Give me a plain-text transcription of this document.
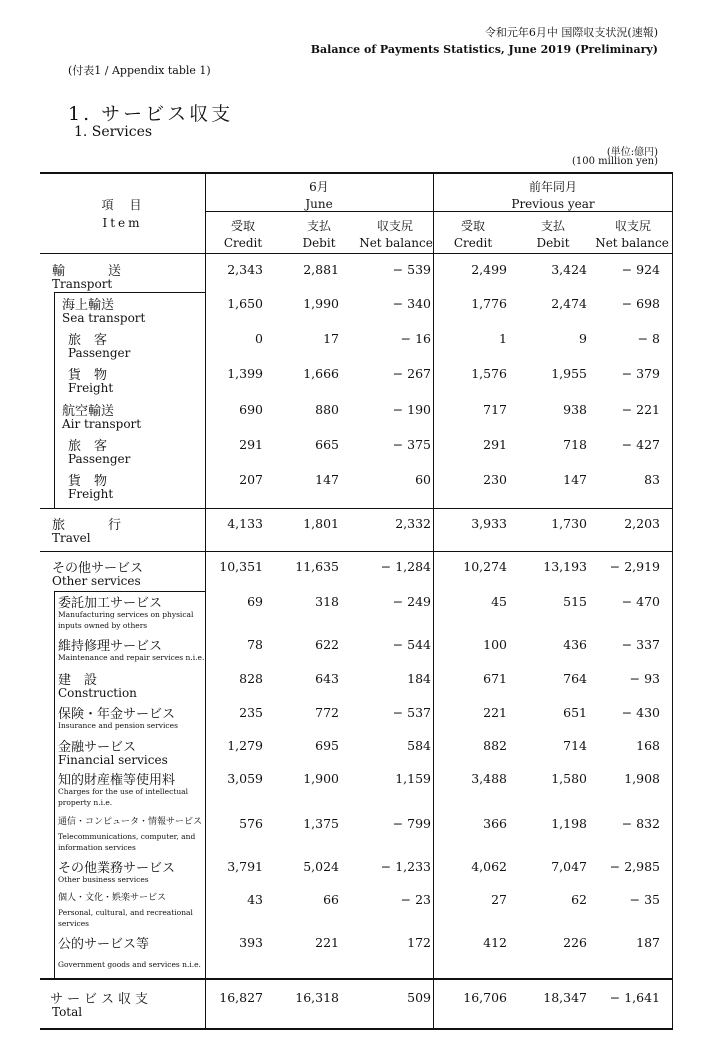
令和元年6月中 国際収支状況(速報)
Balance of Payments Statistics, June 2019 (Preliminary)
(付表1 / Appendix table 1)
1. サービス収支
1. Services
(単位:億円)
(100 million yen)
6月
June
前年同月
Previous year
項　目
Item	受取
Credit
支払
Debit
収支尻
Net balance
受取
Credit
支払
Debit
収支尻
Net balance
輸　　　送
Transport
2,343	2,881	− 539	2,499	3,424	− 924
海上輸送
Sea transport
1,650	1,990	− 340	1,776	2,474	− 698
旅　客
Passenger
0	17	− 16	1	9	− 8
貨　物
Freight
1,399	1,666	− 267	1,576	1,955	− 379
航空輸送
Air transport
690	880	− 190	717	938	− 221
旅　客
Passenger
291	665	− 375	291	718	− 427
貨　物
Freight
207	147	60	230	147	83
旅　　　行
Travel
4,133	1,801	2,332	3,933	1,730	2,203
その他サービス
Other services
10,351	11,635	− 1,284	10,274	13,193 − 2,919
委託加工サービス
Manufacturing services on physical inputs owned by others
69	318	− 249	45	515	− 470
維持修理サービス
Maintenance and repair services n.i.e.
78	622	− 544	100	436	− 337
建　設
Construction
828	643	184	671	764	− 93
保険・年金サービス
Insurance and pension services
235	772	− 537	221	651	− 430
金融サービス
Financial services
1,279	695	584	882	714	168
知的財産権等使用料
Charges for the use of intellectual property n.i.e.
3,059	1,900	1,159	3,488	1,580	1,908
通信・コンピュータ・情報サービス
Telecommunications, computer, and information services
576	1,375	− 799	366	1,198	− 832
その他業務サービス
Other business services
3,791	5,024	− 1,233	4,062	7,047 − 2,985
個人・文化・娯楽サービス
Personal, cultural, and recreational services
43	66	− 23	27	62	− 35
公的サービス等
Government goods and services n.i.e.
393	221	172	412	226	187
サービス収支
Total
16,827	16,318	509	16,706	18,347 − 1,641
